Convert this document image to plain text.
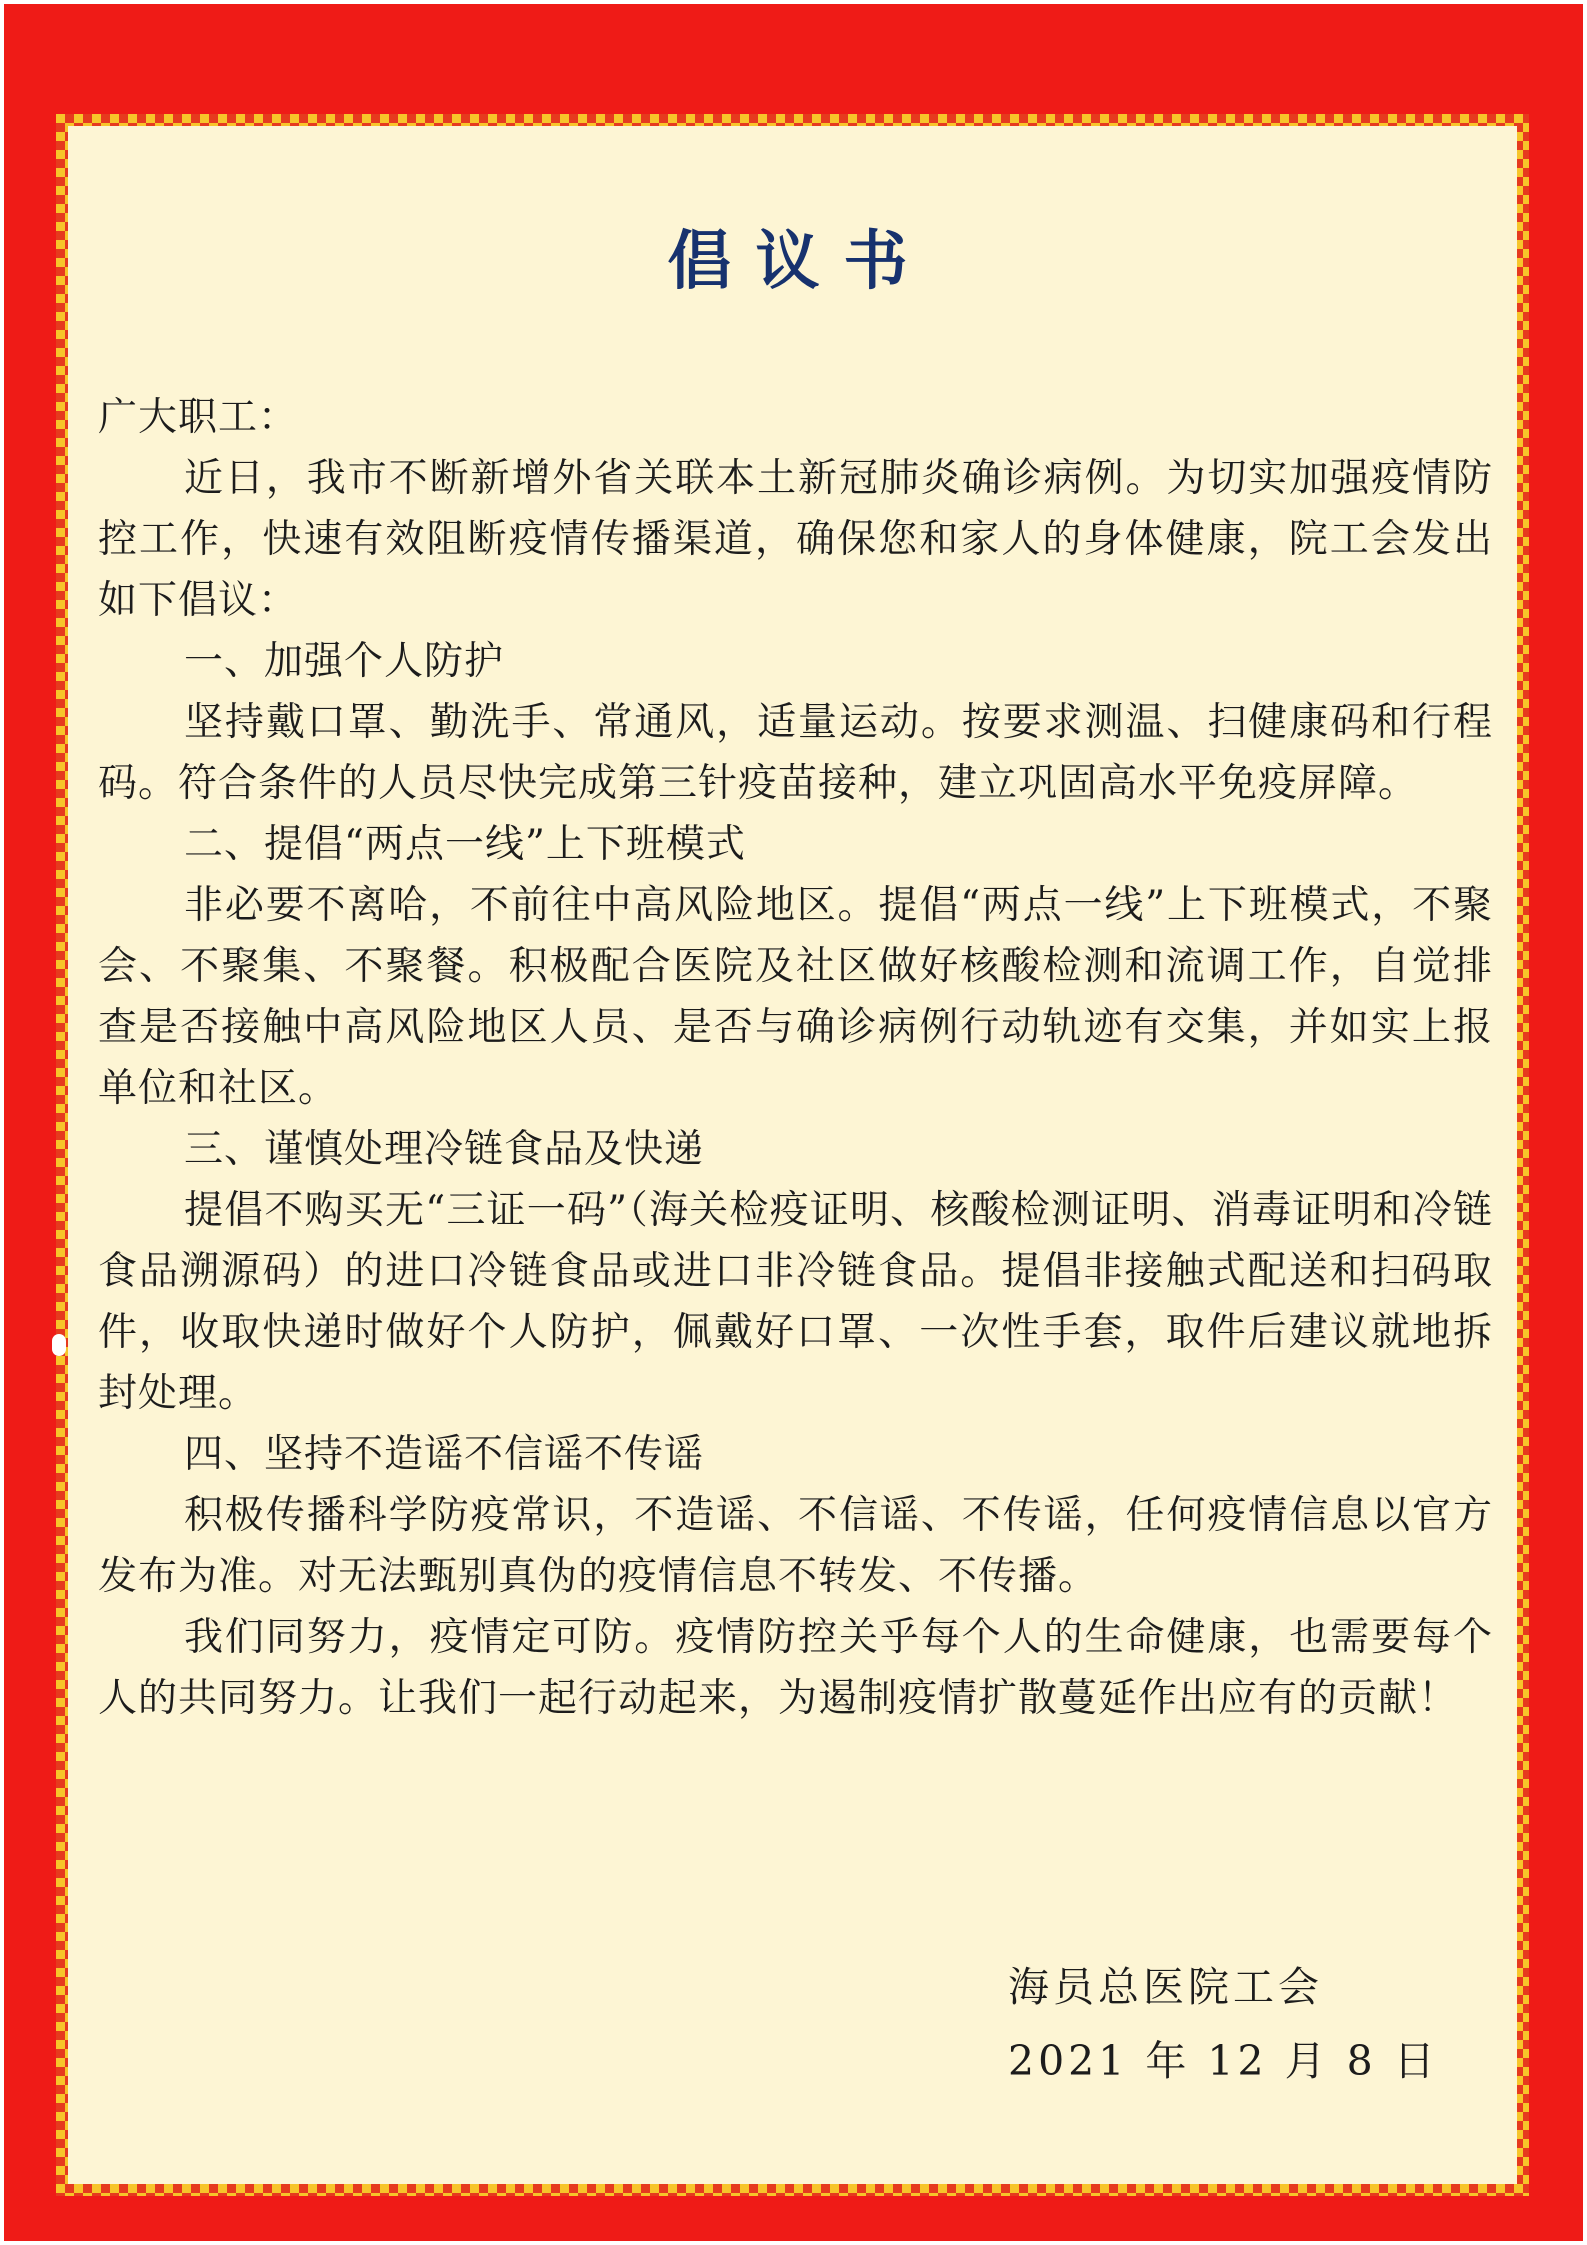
倡议书

广大职工：

近日，我市不断新增外省关联本土新冠肺炎确诊病例。为切实加强疫情防控工作，快速有效阻断疫情传播渠道，确保您和家人的身体健康，院工会发出如下倡议：

一、加强个人防护

坚持戴口罩、勤洗手、常通风，适量运动。按要求测温、扫健康码和行程码。符合条件的人员尽快完成第三针疫苗接种，建立巩固高水平免疫屏障。

二、提倡“两点一线”上下班模式

非必要不离哈，不前往中高风险地区。提倡“两点一线”上下班模式，不聚会、不聚集、不聚餐。积极配合医院及社区做好核酸检测和流调工作，自觉排查是否接触中高风险地区人员、是否与确诊病例行动轨迹有交集，并如实上报单位和社区。

三、谨慎处理冷链食品及快递

提倡不购买无“三证一码”（海关检疫证明、核酸检测证明、消毒证明和冷链食品溯源码）的进口冷链食品或进口非冷链食品。提倡非接触式配送和扫码取件，收取快递时做好个人防护，佩戴好口罩、一次性手套，取件后建议就地拆封处理。

四、坚持不造谣不信谣不传谣

积极传播科学防疫常识，不造谣、不信谣、不传谣，任何疫情信息以官方发布为准。对无法甄别真伪的疫情信息不转发、不传播。

我们同努力，疫情定可防。疫情防控关乎每个人的生命健康，也需要每个人的共同努力。让我们一起行动起来，为遏制疫情扩散蔓延作出应有的贡献！

海员总医院工会
2021 年 12 月 8 日
